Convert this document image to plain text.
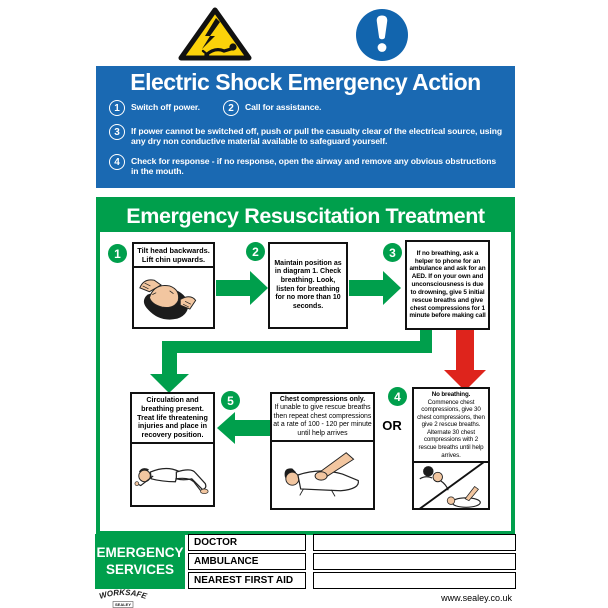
Electric Shock Emergency Action
1	Switch off power.	2	Call for assistance.
3	If power cannot be switched off, push or pull the casualty clear of the electrical source, using any dry non conductive material available to safeguard yourself.
4	Check for response - if no response, open the airway and remove any obvious obstructions in the mouth.
Emergency Resuscitation Treatment
1	2	3
4
5
Tilt head backwards. Lift chin upwards.	Maintain position as in diagram 1. Check breathing. Look, listen for breathing for no more than 10 seconds.
If no breathing, ask a helper to phone for an ambulance and ask for an AED. If on your own and unconsciousness is due to drowning, give 5 initial rescue breaths and give chest compressions for 1 minute before making call
Circulation and breathing present. Treat life threatening injuries and place in recovery position.
Chest compressions only.
If unable to give rescue breaths then repeat chest compressions at a rate of 100 - 120 per minute until help arrives
OR
No breathing.
Commence chest compressions, give 30 chest compressions, then give 2 rescue breaths. Alternate 30 chest compressions with 2 rescue breaths until help arrives.
EMERGENCY
SERVICES
DOCTOR
AMBULANCE
NEAREST FIRST AID
WORKSAFE
SEALEY
www.sealey.co.uk
